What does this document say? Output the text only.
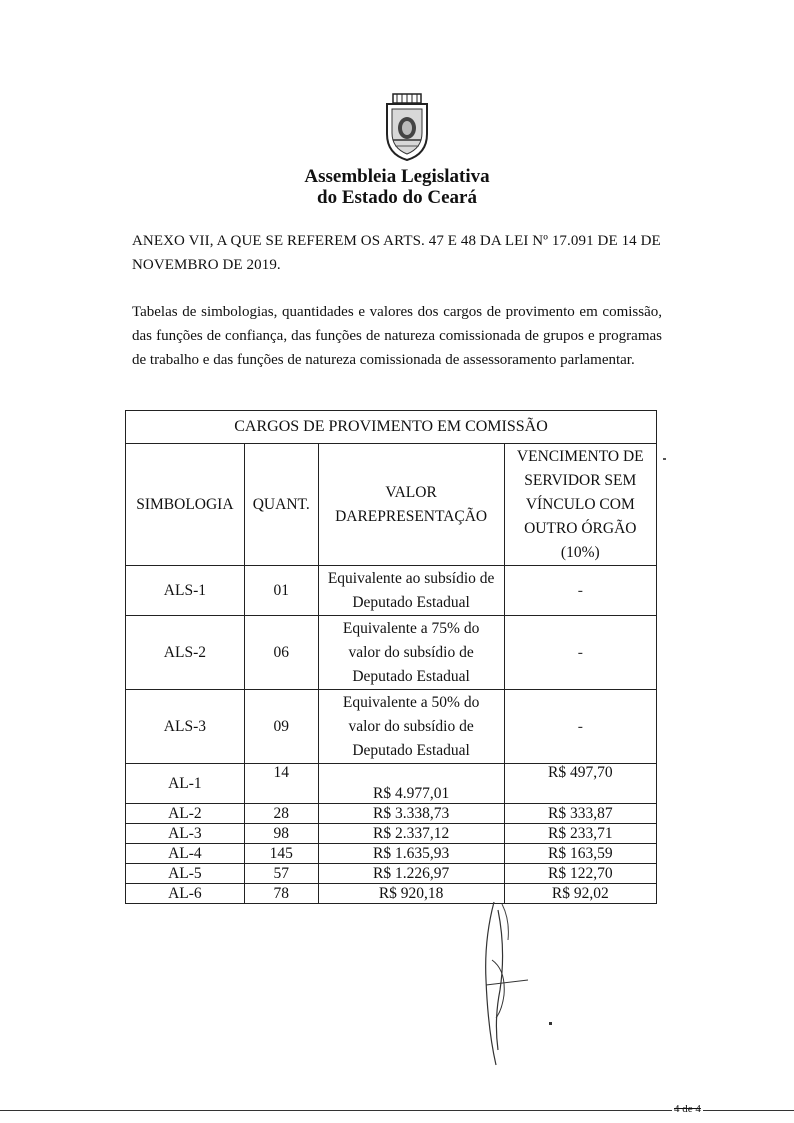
Assembleia Legislativa
do Estado do Ceará
ANEXO VII, A QUE SE REFEREM OS ARTS. 47 E 48 DA LEI Nº 17.091 DE 14 DE NOVEMBRO DE 2019.
Tabelas de simbologias, quantidades e valores dos cargos de provimento em comissão, das funções de confiança, das funções de natureza comissionada de grupos e programas de trabalho e das funções de natureza comissionada de assessoramento parlamentar.
CARGOS DE PROVIMENTO EM COMISSÃO			
SIMBOLOGIA	QUANT.	VALOR DAREPRESENTAÇÃO	VENCIMENTO DE SERVIDOR SEM VÍNCULO COM OUTRO ÓRGÃO (10%)
ALS-1	01	Equivalente ao subsídio de Deputado Estadual	-
ALS-2	06	Equivalente a 75% do valor do subsídio de Deputado Estadual	-
ALS-3	09	Equivalente a 50% do valor do subsídio de Deputado Estadual	-
AL-1	14	R$ 4.977,01	R$ 497,70
AL-2	28	R$ 3.338,73	R$ 333,87
AL-3	98	R$ 2.337,12	R$ 233,71
AL-4	145	R$ 1.635,93	R$ 163,59
AL-5	57	R$ 1.226,97	R$ 122,70
AL-6	78	R$ 920,18	R$ 92,02
4 de 4
